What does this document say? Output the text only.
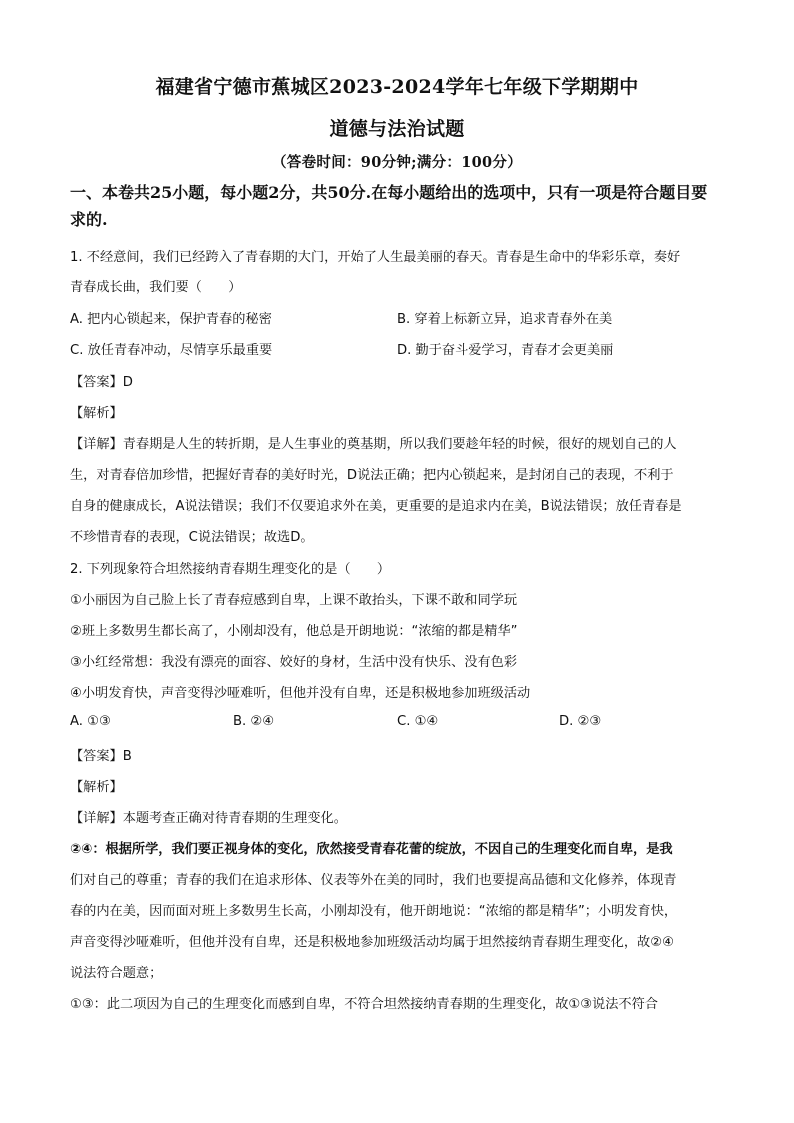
福建省宁德市蕉城区2023-2024学年七年级下学期期中
道德与法治试题
（答卷时间：90分钟;满分：100分）
一、本卷共25小题，每小题2分，共50分.在每小题给出的选项中，只有一项是符合题目要
求的.
1. 不经意间，我们已经跨入了青春期的大门，开始了人生最美丽的春天。青春是生命中的华彩乐章，奏好
青春成长曲，我们要（　　）
A. 把内心锁起来，保护青春的秘密	B. 穿着上标新立异，追求青春外在美
C. 放任青春冲动，尽情享乐最重要	D. 勤于奋斗爱学习，青春才会更美丽
【答案】D
【解析】
【详解】青春期是人生的转折期，是人生事业的奠基期，所以我们要趁年轻的时候，很好的规划自己的人
生，对青春倍加珍惜，把握好青春的美好时光，D说法正确；把内心锁起来，是封闭自己的表现，不利于
自身的健康成长，A说法错误；我们不仅要追求外在美，更重要的是追求内在美，B说法错误；放任青春是
不珍惜青春的表现，C说法错误；故选D。
2. 下列现象符合坦然接纳青春期生理变化的是（　　）
①小丽因为自己脸上长了青春痘感到自卑，上课不敢抬头，下课不敢和同学玩
②班上多数男生都长高了，小刚却没有，他总是开朗地说：“浓缩的都是精华”
③小红经常想：我没有漂亮的面容、姣好的身材，生活中没有快乐、没有色彩
④小明发育快，声音变得沙哑难听，但他并没有自卑，还是积极地参加班级活动
A. ①③	B. ②④	C. ①④	D. ②③
【答案】B
【解析】
【详解】本题考查正确对待青春期的生理变化。
②④：根据所学，我们要正视身体的变化，欣然接受青春花蕾的绽放，不因自己的生理变化而自卑，是我
们对自己的尊重；青春的我们在追求形体、仪表等外在美的同时，我们也要提高品德和文化修养，体现青
春的内在美，因而面对班上多数男生长高，小刚却没有，他开朗地说：“浓缩的都是精华”；小明发育快，
声音变得沙哑难听，但他并没有自卑，还是积极地参加班级活动均属于坦然接纳青春期生理变化，故②④
说法符合题意；
①③：此二项因为自己的生理变化而感到自卑，不符合坦然接纳青春期的生理变化，故①③说法不符合
